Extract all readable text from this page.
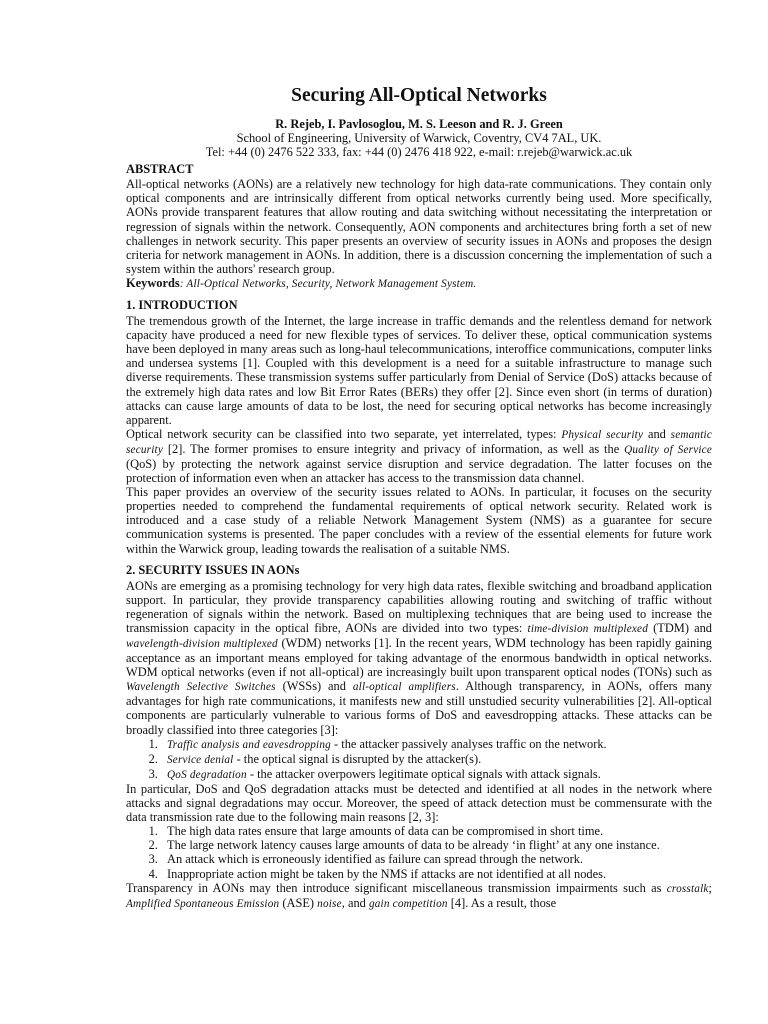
Securing All-Optical Networks
R. Rejeb, I. Pavlosoglou, M. S. Leeson and R. J. Green
School of Engineering, University of Warwick, Coventry, CV4 7AL, UK.
Tel: +44 (0) 2476 522 333, fax: +44 (0) 2476 418 922, e-mail: r.rejeb@warwick.ac.uk
ABSTRACT

All-optical networks (AONs) are a relatively new technology for high data-rate communications. They contain only optical components and are intrinsically different from optical networks currently being used. More specifically, AONs provide transparent features that allow routing and data switching without necessitating the interpretation or regression of signals within the network. Consequently, AON components and architectures bring forth a set of new challenges in network security. This paper presents an overview of security issues in AONs and proposes the design criteria for network management in AONs. In addition, there is a discussion concerning the implementation of such a system within the authors' research group.

Keywords: All-Optical Networks, Security, Network Management System.
1. INTRODUCTION

The tremendous growth of the Internet, the large increase in traffic demands and the relentless demand for network capacity have produced a need for new flexible types of services. To deliver these, optical communication systems have been deployed in many areas such as long-haul telecommunications, interoffice communications, computer links and undersea systems [1]. Coupled with this development is a need for a suitable infrastructure to manage such diverse requirements. These transmission systems suffer particularly from Denial of Service (DoS) attacks because of the extremely high data rates and low Bit Error Rates (BERs) they offer [2]. Since even short (in terms of duration) attacks can cause large amounts of data to be lost, the need for securing optical networks has become increasingly apparent.

Optical network security can be classified into two separate, yet interrelated, types: Physical security and semantic security [2]. The former promises to ensure integrity and privacy of information, as well as the Quality of Service (QoS) by protecting the network against service disruption and service degradation. The latter focuses on the protection of information even when an attacker has access to the transmission data channel.

This paper provides an overview of the security issues related to AONs. In particular, it focuses on the security properties needed to comprehend the fundamental requirements of optical network security. Related work is introduced and a case study of a reliable Network Management System (NMS) as a guarantee for secure communication systems is presented. The paper concludes with a review of the essential elements for future work within the Warwick group, leading towards the realisation of a suitable NMS.

2. SECURITY ISSUES IN AONs

AONs are emerging as a promising technology for very high data rates, flexible switching and broadband application support. In particular, they provide transparency capabilities allowing routing and switching of traffic without regeneration of signals within the network. Based on multiplexing techniques that are being used to increase the transmission capacity in the optical fibre, AONs are divided into two types: time-division multiplexed (TDM) and wavelength-division multiplexed (WDM) networks [1]. In the recent years, WDM technology has been rapidly gaining acceptance as an important means employed for taking advantage of the enormous bandwidth in optical networks. WDM optical networks (even if not all-optical) are increasingly built upon transparent optical nodes (TONs) such as Wavelength Selective Switches (WSSs) and all-optical amplifiers. Although transparency, in AONs, offers many advantages for high rate communications, it manifests new and still unstudied security vulnerabilities [2]. All-optical components are particularly vulnerable to various forms of DoS and eavesdropping attacks. These attacks can be broadly classified into three categories [3]:

1. Traffic analysis and eavesdropping - the attacker passively analyses traffic on the network.
2. Service denial - the optical signal is disrupted by the attacker(s).
3. QoS degradation - the attacker overpowers legitimate optical signals with attack signals.

In particular, DoS and QoS degradation attacks must be detected and identified at all nodes in the network where attacks and signal degradations may occur. Moreover, the speed of attack detection must be commensurate with the data transmission rate due to the following main reasons [2, 3]:

1. The high data rates ensure that large amounts of data can be compromised in short time.
2. The large network latency causes large amounts of data to be already ‘in flight’ at any one instance.
3. An attack which is erroneously identified as failure can spread through the network.
4. Inappropriate action might be taken by the NMS if attacks are not identified at all nodes.

Transparency in AONs may then introduce significant miscellaneous transmission impairments such as crosstalk; Amplified Spontaneous Emission (ASE) noise, and gain competition [4]. As a result, those
